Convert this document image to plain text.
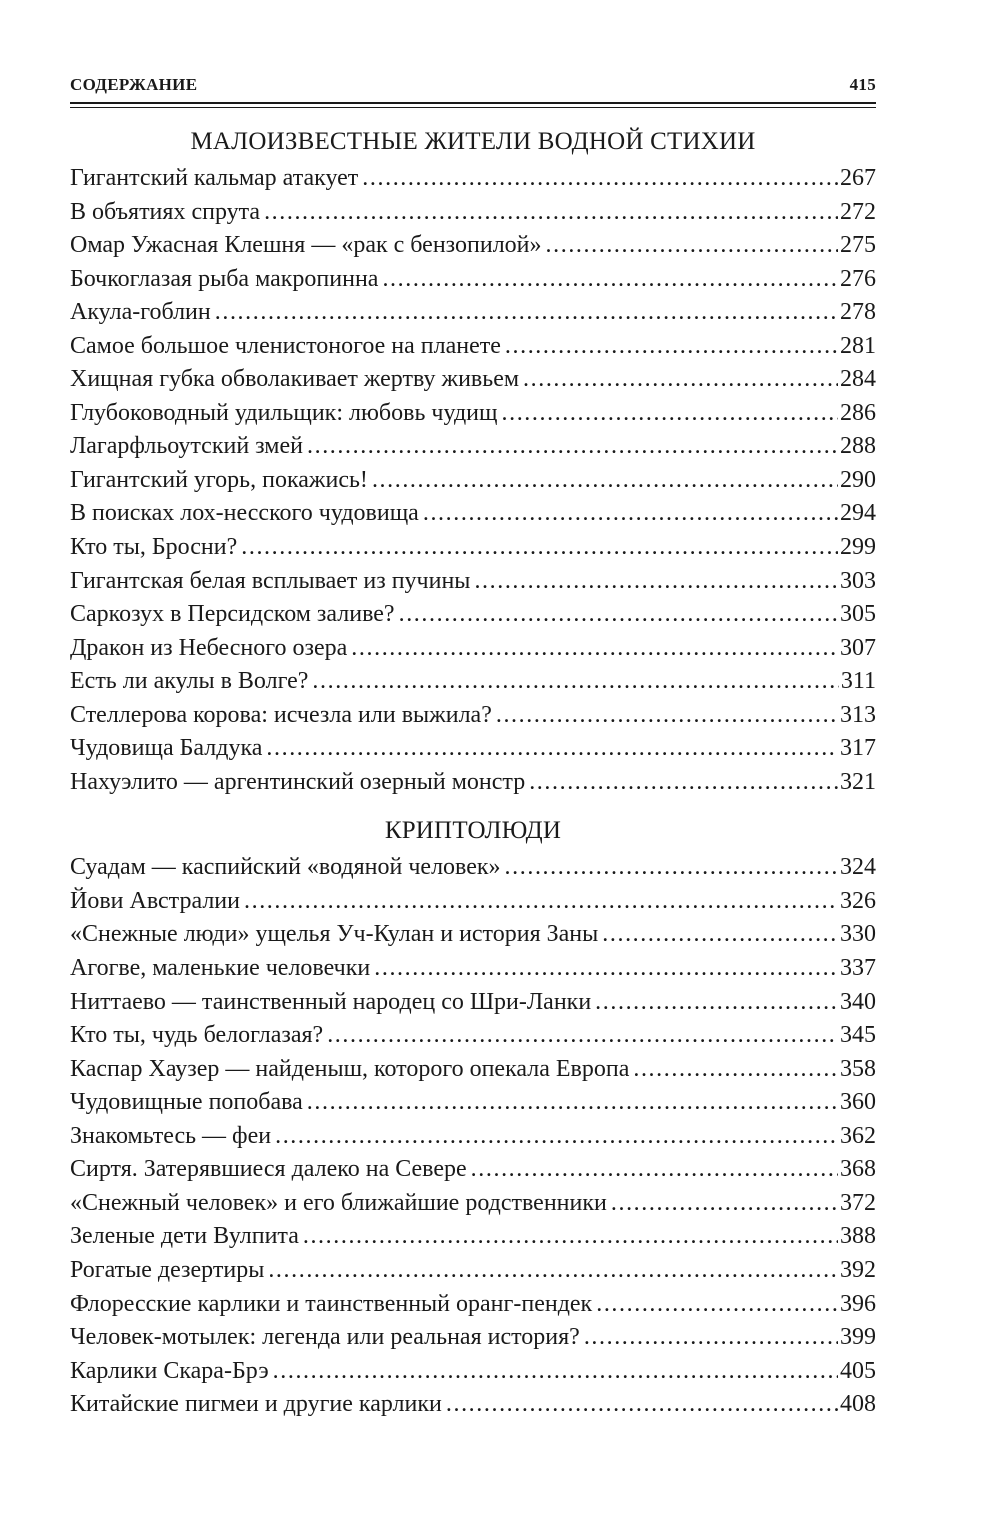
СОДЕРЖАНИЕ	415
МАЛОИЗВЕСТНЫЕ ЖИТЕЛИ ВОДНОЙ СТИХИИ
Гигантский кальмар атакует .....	267
В объятиях спрута .....	272
Омар Ужасная Клешня — «рак с бензопилой» .....	275
Бочкоглазая рыба макропинна .....	276
Акула-гоблин .....	278
Самое большое членистоногое на планете .....	281
Хищная губка обволакивает жертву живьем .....	284
Глубоководный удильщик: любовь чудищ .....	286
Лагарфльоутский змей .....	288
Гигантский угорь, покажись! .....	290
В поисках лох-несского чудовища .....	294
Кто ты, Бросни? .....	299
Гигантская белая всплывает из пучины .....	303
Саркозух в Персидском заливе? .....	305
Дракон из Небесного озера .....	307
Есть ли акулы в Волге? .....	311
Стеллерова корова: исчезла или выжила? .....	313
Чудовища Балдука .....	317
Нахуэлито — аргентинский озерный монстр .....	321
КРИПТОЛЮДИ
Суадам — каспийский «водяной человек» .....	324
Йови Австралии .....	326
«Снежные люди» ущелья Уч-Кулан и история Заны .....	330
Агогве, маленькие человечки .....	337
Ниттаево — таинственный народец со Шри-Ланки .....	340
Кто ты, чудь белоглазая? .....	345
Каспар Хаузер — найденыш, которого опекала Европа .....	358
Чудовищные попобава .....	360
Знакомьтесь — феи .....	362
Сиртя. Затерявшиеся далеко на Севере .....	368
«Снежный человек» и его ближайшие родственники .....	372
Зеленые дети Вулпита .....	388
Рогатые дезертиры .....	392
Флоресские карлики и таинственный оранг-пендек .....	396
Человек-мотылек: легенда или реальная история? .....	399
Карлики Скара-Брэ .....	405
Китайские пигмеи и другие карлики .....	408
